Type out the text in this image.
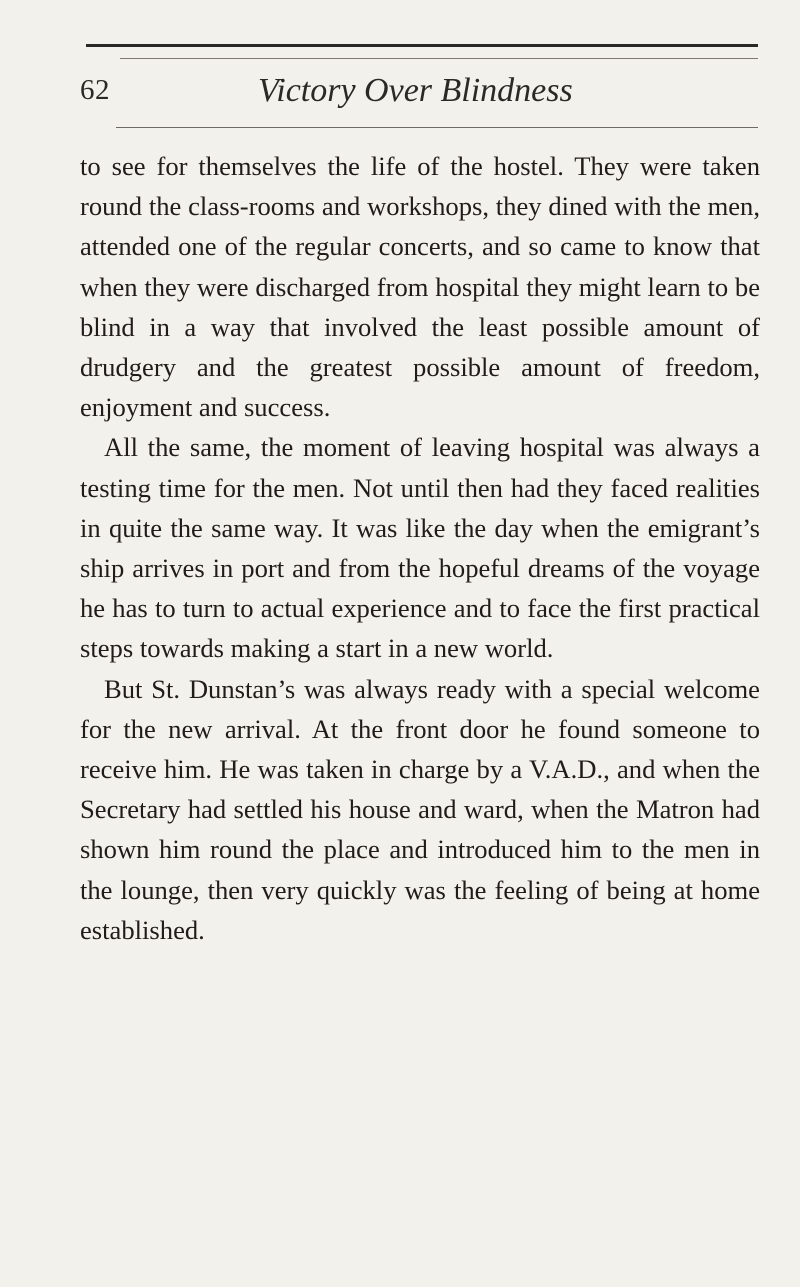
62	Victory Over Blindness

to see for themselves the life of the hostel. They were taken round the class-rooms and workshops, they dined with the men, attended one of the regular concerts, and so came to know that when they were discharged from hospital they might learn to be blind in a way that involved the least possible amount of drudgery and the greatest possible amount of freedom, enjoyment and success.

All the same, the moment of leaving hospital was always a testing time for the men. Not until then had they faced realities in quite the same way. It was like the day when the emigrant’s ship arrives in port and from the hopeful dreams of the voyage he has to turn to actual experience and to face the first practical steps towards making a start in a new world.

But St. Dunstan’s was always ready with a special welcome for the new arrival. At the front door he found someone to receive him. He was taken in charge by a V.A.D., and when the Secretary had settled his house and ward, when the Matron had shown him round the place and introduced him to the men in the lounge, then very quickly was the feeling of being at home established.
